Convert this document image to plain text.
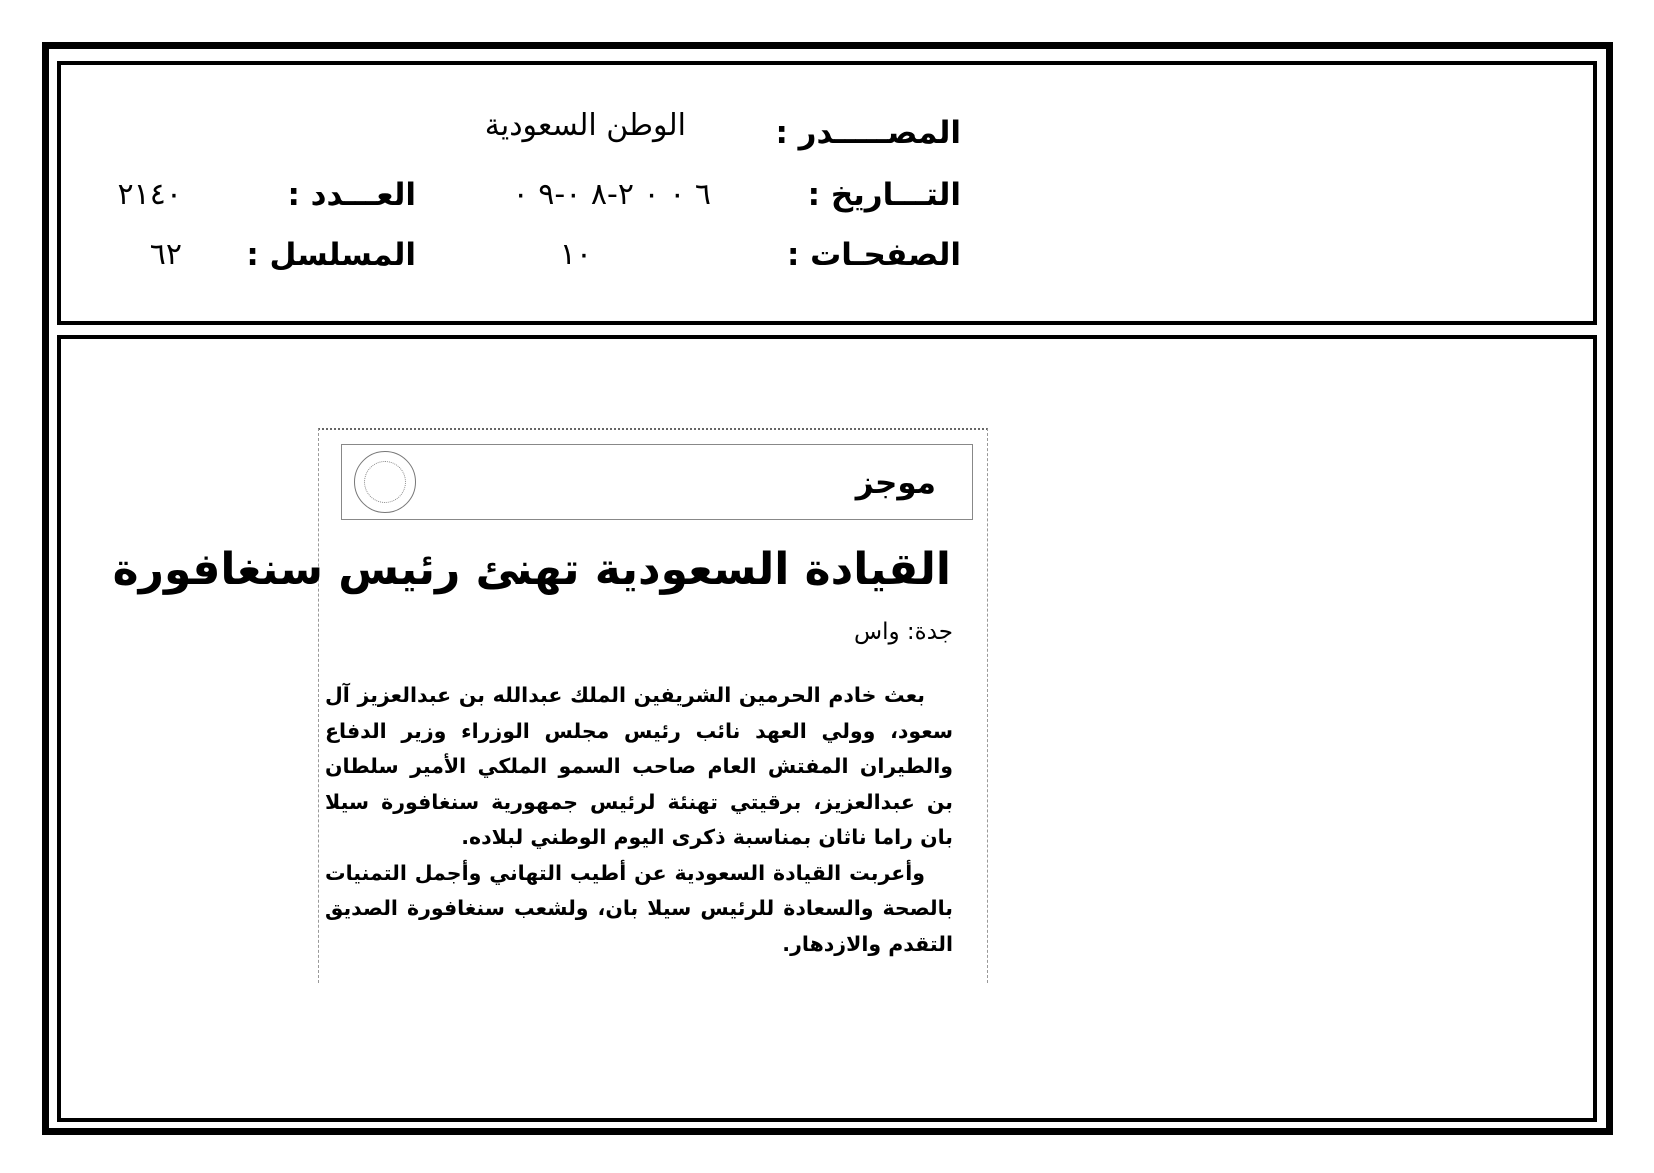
المصـــــدر :
الوطن السعودية
التـــاريخ :
٦ ٠ ٠ ٢-٨ ٠-٩ ٠
العـــدد :
٢١٤٠
الصفحـات :
١٠
المسلسل :
٦٢
موجز
القيادة السعودية تهنئ رئيس سنغافورة
جدة: واس

بعث خادم الحرمين الشريفين الملك عبدالله بن عبدالعزيز آل سعود، وولي العهد نائب رئيس مجلس الوزراء وزير الدفاع والطيران المفتش العام صاحب السمو الملكي الأمير سلطان بن عبدالعزيز، برقيتي تهنئة لرئيس جمهورية سنغافورة سيلا بان راما ناثان بمناسبة ذكرى اليوم الوطني لبلاده.

وأعربت القيادة السعودية عن أطيب التهاني وأجمل التمنيات بالصحة والسعادة للرئيس سيلا بان، ولشعب سنغافورة الصديق التقدم والازدهار.
